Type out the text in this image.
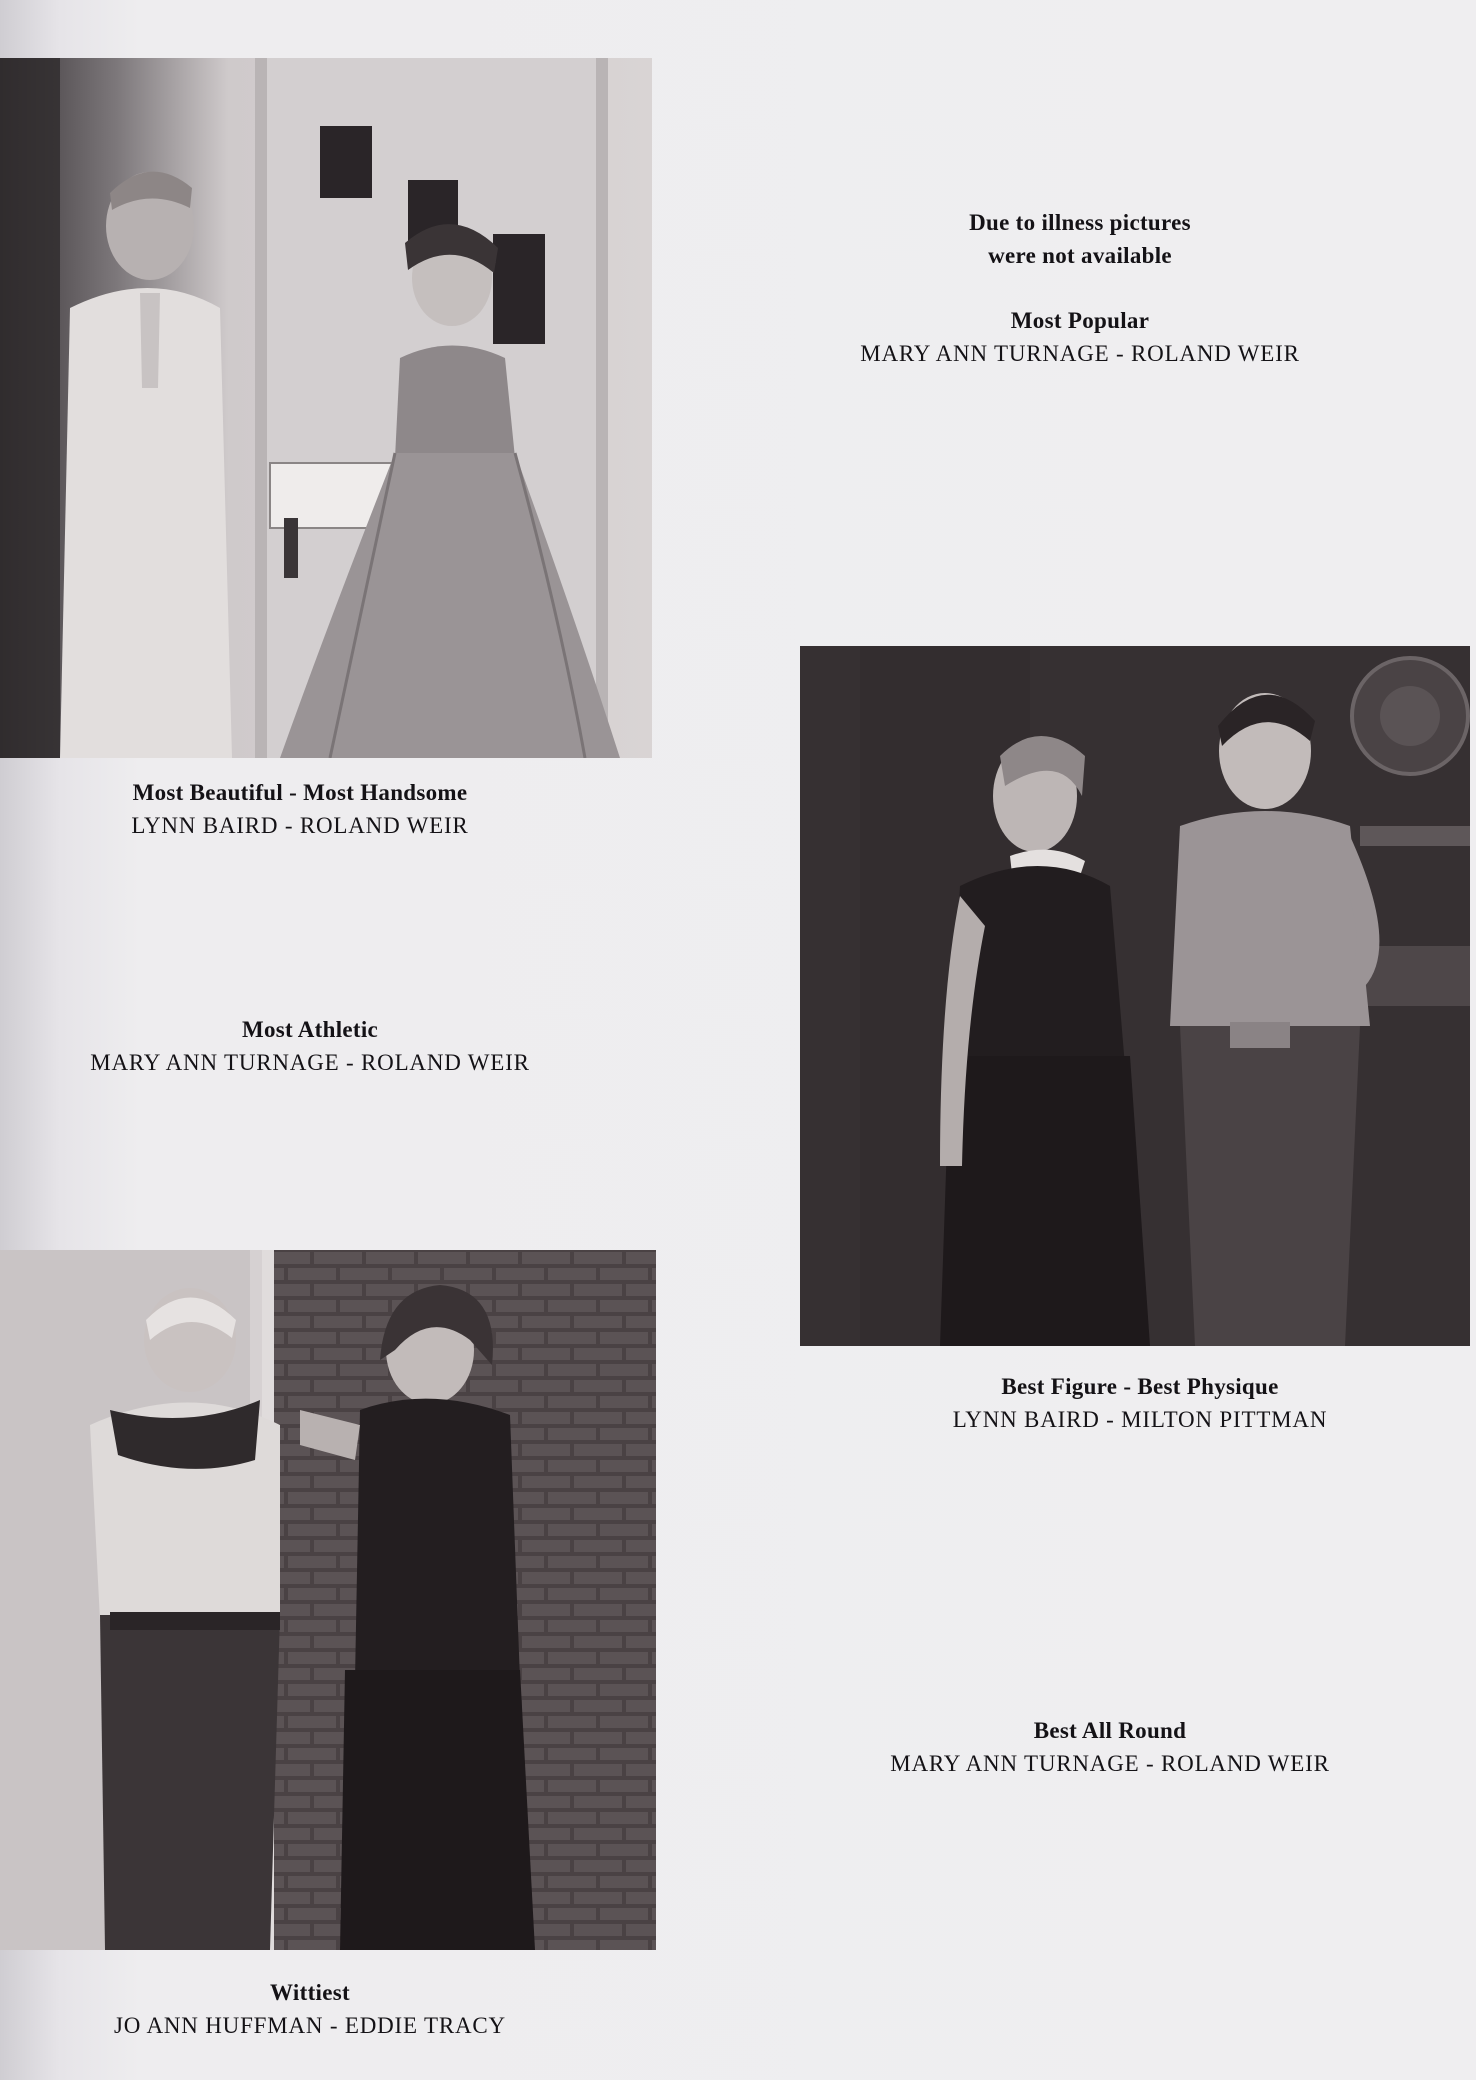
Most Beautiful - Most Handsome
LYNN BAIRD - ROLAND WEIR
Due to illness pictures
were not available
Most Popular
MARY ANN TURNAGE - ROLAND WEIR
Most Athletic
MARY ANN TURNAGE - ROLAND WEIR
Best Figure - Best Physique
LYNN BAIRD - MILTON PITTMAN
Best All Round
MARY ANN TURNAGE - ROLAND WEIR
Wittiest
JO ANN HUFFMAN - EDDIE TRACY
